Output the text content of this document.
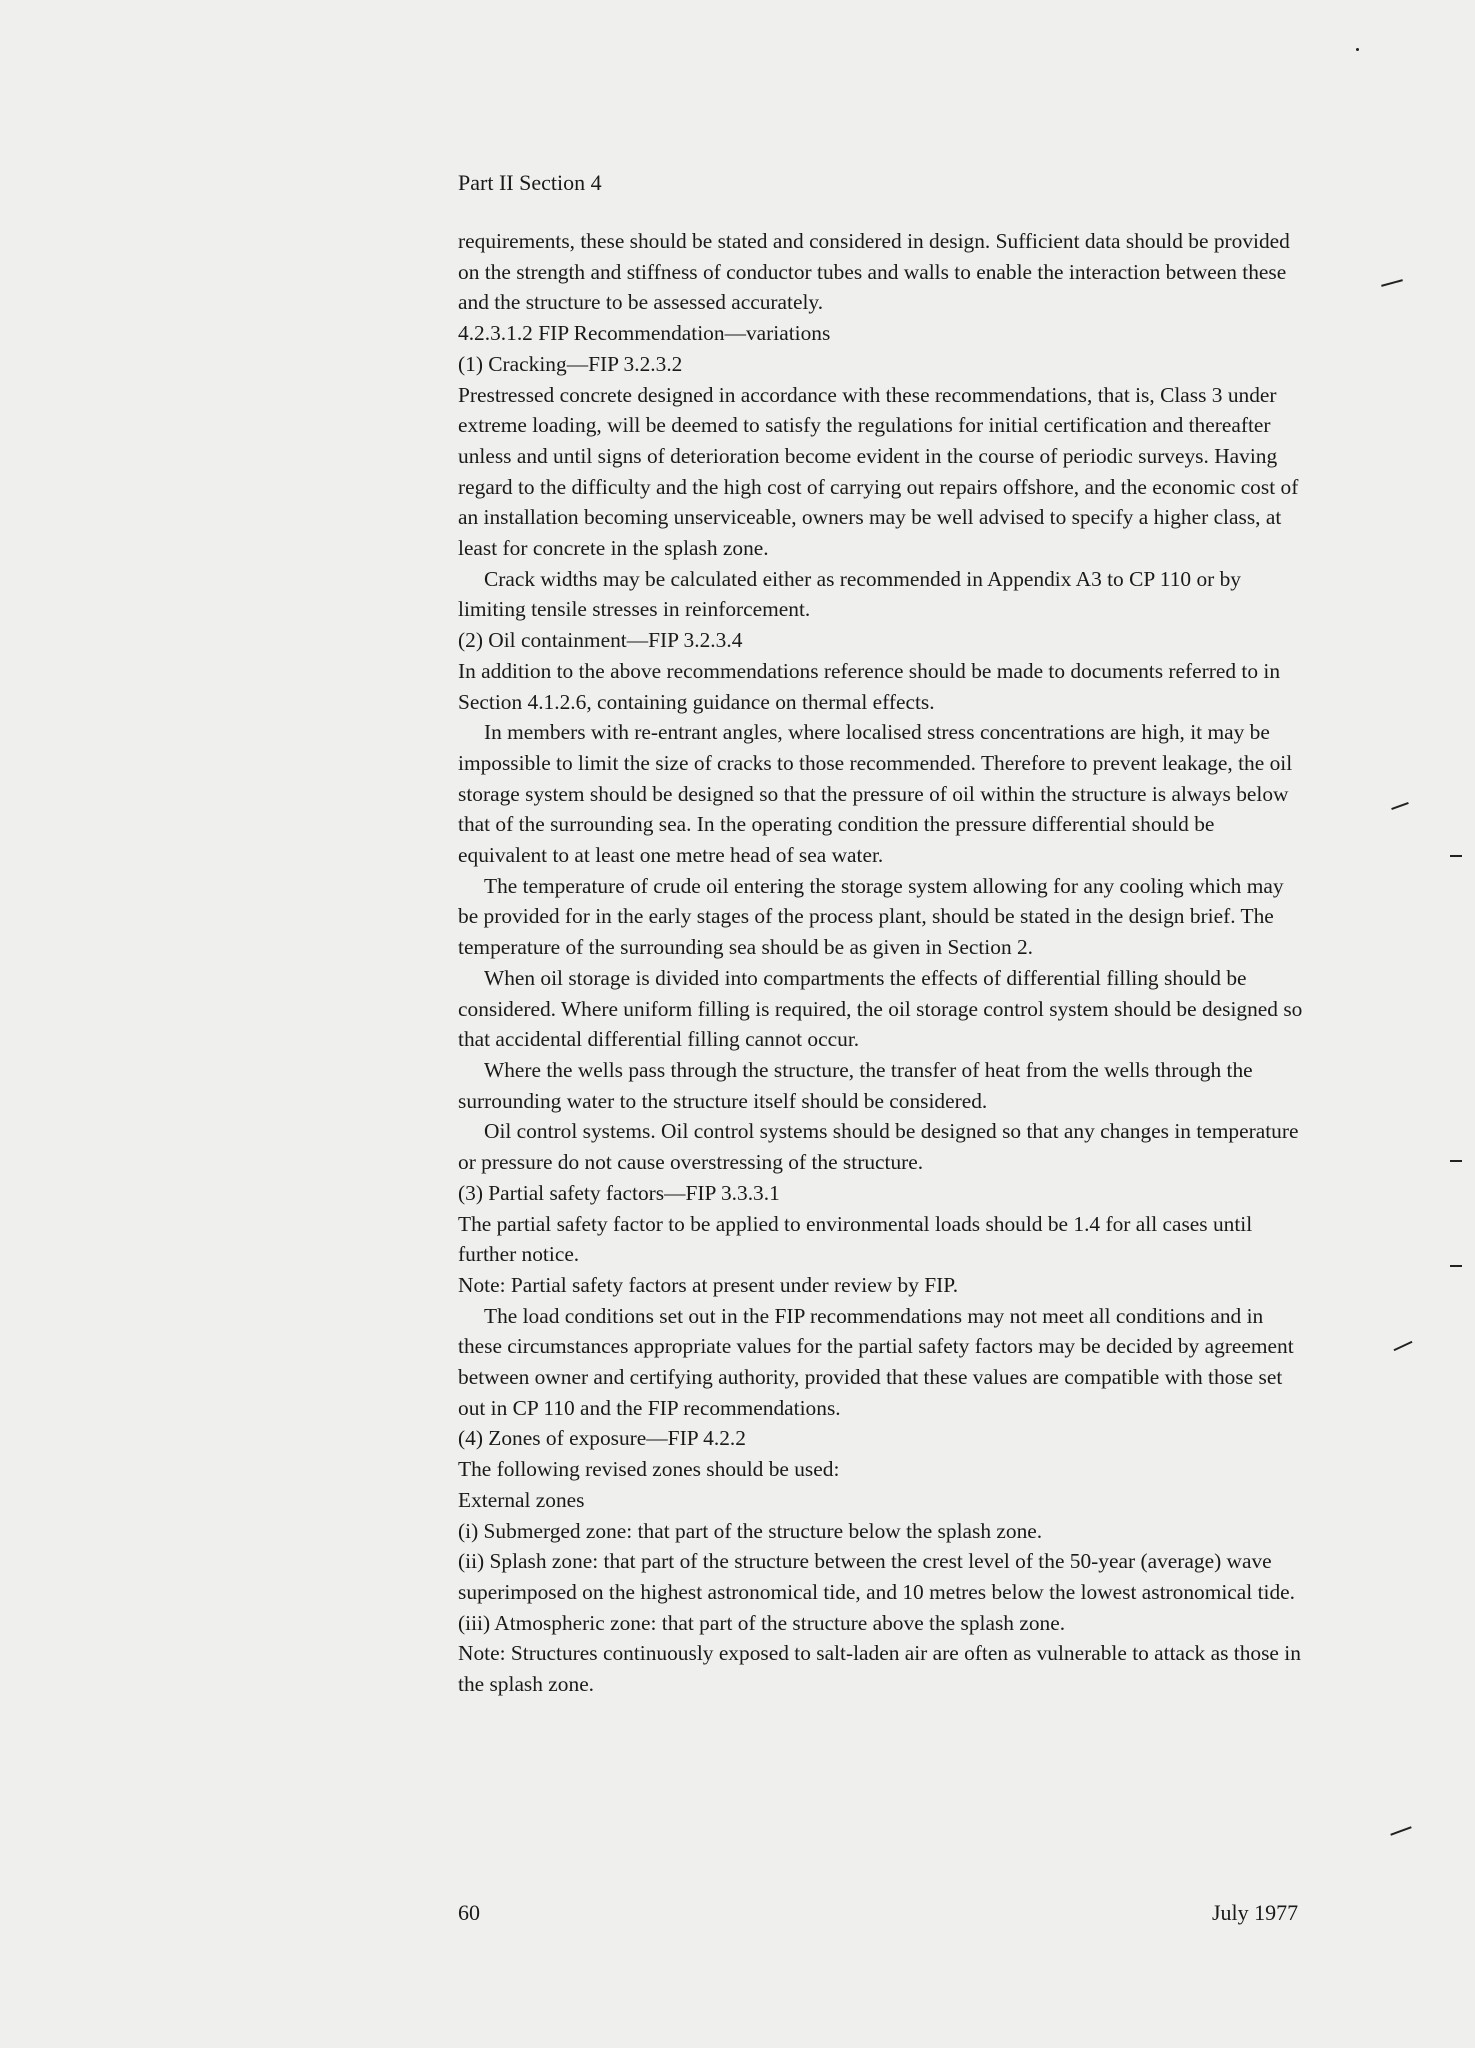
Part II Section 4

requirements, these should be stated and considered in design. Sufficient data should be provided on the strength and stiffness of conductor tubes and walls to enable the interaction between these and the structure to be assessed accurately.

4.2.3.1.2 FIP Recommendation—variations

(1) Cracking—FIP 3.2.3.2

Prestressed concrete designed in accordance with these recommendations, that is, Class 3 under extreme loading, will be deemed to satisfy the regulations for initial certification and thereafter unless and until signs of deterioration become evident in the course of periodic surveys. Having regard to the difficulty and the high cost of carrying out repairs offshore, and the economic cost of an installation becoming unserviceable, owners may be well advised to specify a higher class, at least for concrete in the splash zone.

Crack widths may be calculated either as recommended in Appendix A3 to CP 110 or by limiting tensile stresses in reinforcement.

(2) Oil containment—FIP 3.2.3.4

In addition to the above recommendations reference should be made to documents referred to in Section 4.1.2.6, containing guidance on thermal effects.

In members with re-entrant angles, where localised stress concentrations are high, it may be impossible to limit the size of cracks to those recommended. Therefore to prevent leakage, the oil storage system should be designed so that the pressure of oil within the structure is always below that of the surrounding sea. In the operating condition the pressure differential should be equivalent to at least one metre head of sea water.

The temperature of crude oil entering the storage system allowing for any cooling which may be provided for in the early stages of the process plant, should be stated in the design brief. The temperature of the surrounding sea should be as given in Section 2.

When oil storage is divided into compartments the effects of differential filling should be considered. Where uniform filling is required, the oil storage control system should be designed so that accidental differential filling cannot occur.

Where the wells pass through the structure, the transfer of heat from the wells through the surrounding water to the structure itself should be considered.

Oil control systems. Oil control systems should be designed so that any changes in temperature or pressure do not cause overstressing of the structure.

(3) Partial safety factors—FIP 3.3.3.1

The partial safety factor to be applied to environmental loads should be 1.4 for all cases until further notice.

Note: Partial safety factors at present under review by FIP.

The load conditions set out in the FIP recommendations may not meet all conditions and in these circumstances appropriate values for the partial safety factors may be decided by agreement between owner and certifying authority, provided that these values are compatible with those set out in CP 110 and the FIP recommendations.

(4) Zones of exposure—FIP 4.2.2

The following revised zones should be used:

External zones

(i) Submerged zone: that part of the structure below the splash zone.

(ii) Splash zone: that part of the structure between the crest level of the 50-year (average) wave superimposed on the highest astronomical tide, and 10 metres below the lowest astronomical tide.

(iii) Atmospheric zone: that part of the structure above the splash zone.

Note: Structures continuously exposed to salt-laden air are often as vulnerable to attack as those in the splash zone.

60	July 1977
